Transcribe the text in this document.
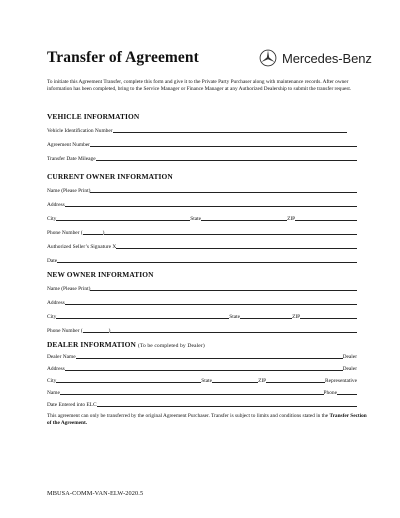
Transfer of Agreement	Mercedes-Benz
To initiate this Agreement Transfer, complete this form and give it to the Private Party Purchaser along with maintenance records. After owner information has been completed, bring to the Service Manager or Finance Manager at any Authorized Dealership to submit the transfer request.
VEHICLE INFORMATION
Vehicle Identification Number
Agreement Number
Transfer Date Mileage
CURRENT OWNER INFORMATION
Name (Please Print)
Address
City	State	ZIP
Phone Number (	)
Authorized Seller’s Signature X
Date
NEW OWNER INFORMATION
Name (Please Print)
Address
City	State	ZIP
Phone Number (	)
DEALER INFORMATION (To be completed by Dealer)
Dealer Name	Dealer
Address	Dealer
City	State	ZIP	Representative
Name	Phone
Date Entered into ELC
This agreement can only be transferred by the original Agreement Purchaser. Transfer is subject to limits and conditions stated in the Transfer Section of the Agreement.
MBUSA-COMM-VAN-ELW-2020.5
